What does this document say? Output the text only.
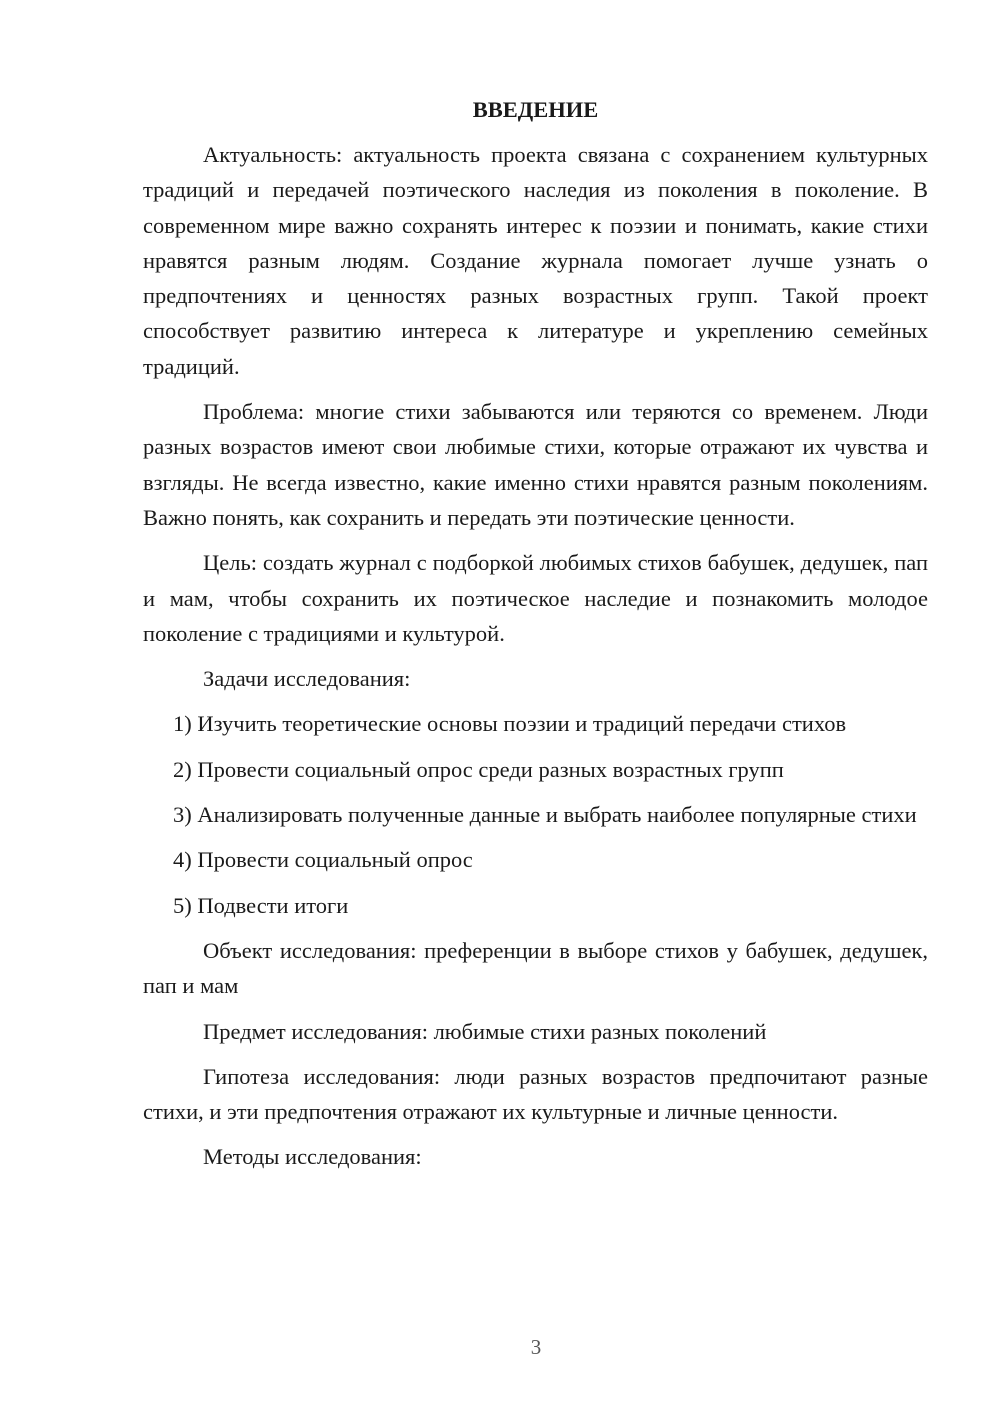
ВВЕДЕНИЕ

Актуальность: актуальность проекта связана с сохранением культурных традиций и передачей поэтического наследия из поколения в поколение. В современном мире важно сохранять интерес к поэзии и понимать, какие стихи нравятся разным людям. Создание журнала помогает лучше узнать о предпочтениях и ценностях разных возрастных групп. Такой проект способствует развитию интереса к литературе и укреплению семейных традиций.

Проблема: многие стихи забываются или теряются со временем. Люди разных возрастов имеют свои любимые стихи, которые отражают их чувства и взгляды. Не всегда известно, какие именно стихи нравятся разным поколениям. Важно понять, как сохранить и передать эти поэтические ценности.

Цель: создать журнал с подборкой любимых стихов бабушек, дедушек, пап и мам, чтобы сохранить их поэтическое наследие и познакомить молодое поколение с традициями и культурой.

Задачи исследования:

1) Изучить теоретические основы поэзии и традиций передачи стихов

2) Провести социальный опрос среди разных возрастных групп

3) Анализировать полученные данные и выбрать наиболее популярные стихи

4) Провести социальный опрос

5) Подвести итоги

Объект исследования: преференции в выборе стихов у бабушек, дедушек, пап и мам

Предмет исследования: любимые стихи разных поколений

Гипотеза исследования: люди разных возрастов предпочитают разные стихи, и эти предпочтения отражают их культурные и личные ценности.

Методы исследования:

3
